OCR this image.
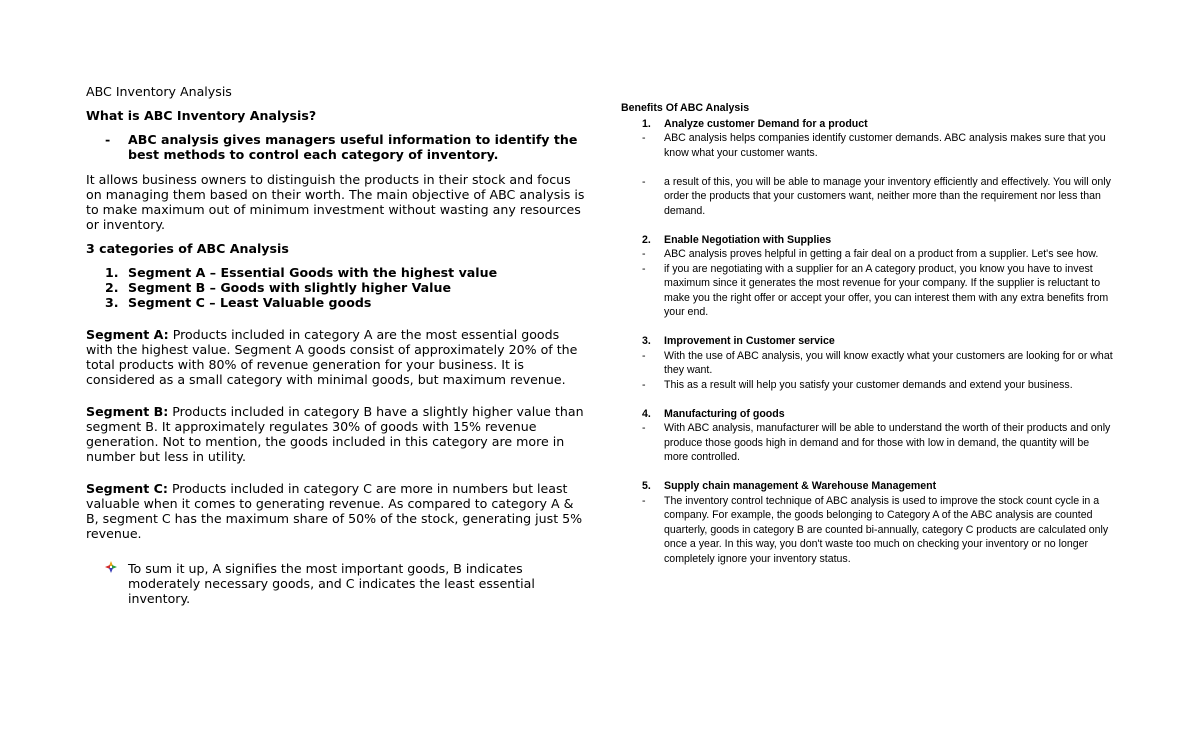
ABC Inventory Analysis
What is ABC Inventory Analysis?
-	ABC analysis gives managers useful information to identify the best methods to control each category of inventory.
It allows business owners to distinguish the products in their stock and focus on managing them based on their worth. The main objective of ABC analysis is to make maximum out of minimum investment without wasting any resources or inventory.
3 categories of ABC Analysis
1. Segment A – Essential Goods with the highest value
2. Segment B – Goods with slightly higher Value
3. Segment C – Least Valuable goods
Segment A: Products included in category A are the most essential goods with the highest value. Segment A goods consist of approximately 20% of the total products with 80% of revenue generation for your business. It is considered as a small category with minimal goods, but maximum revenue.
Segment B: Products included in category B have a slightly higher value than segment B. It approximately regulates 30% of goods with 15% revenue generation. Not to mention, the goods included in this category are more in number but less in utility.
Segment C: Products included in category C are more in numbers but least valuable when it comes to generating revenue. As compared to category A & B, segment C has the maximum share of 50% of the stock, generating just 5% revenue.
To sum it up, A signifies the most important goods, B indicates moderately necessary goods, and C indicates the least essential inventory.
Benefits Of ABC Analysis
1.	Analyze customer Demand for a product
-	ABC analysis helps companies identify customer demands. ABC analysis makes sure that you know what your customer wants.
-	a result of this, you will be able to manage your inventory efficiently and effectively. You will only order the products that your customers want, neither more than the requirement nor less than demand.
2.	Enable Negotiation with Supplies
-	ABC analysis proves helpful in getting a fair deal on a product from a supplier. Let's see how.
-	if you are negotiating with a supplier for an A category product, you know you have to invest maximum since it generates the most revenue for your company. If the supplier is reluctant to make you the right offer or accept your offer, you can interest them with any extra benefits from your end.
3.	Improvement in Customer service
-	With the use of ABC analysis, you will know exactly what your customers are looking for or what they want.
-	This as a result will help you satisfy your customer demands and extend your business.
4.	Manufacturing of goods
-	With ABC analysis, manufacturer will be able to understand the worth of their products and only produce those goods high in demand and for those with low in demand, the quantity will be more controlled.
5.	Supply chain management & Warehouse Management
-	The inventory control technique of ABC analysis is used to improve the stock count cycle in a company. For example, the goods belonging to Category A of the ABC analysis are counted quarterly, goods in category B are counted bi-annually, category C products are calculated only once a year. In this way, you don't waste too much on checking your inventory or no longer completely ignore your inventory status.
